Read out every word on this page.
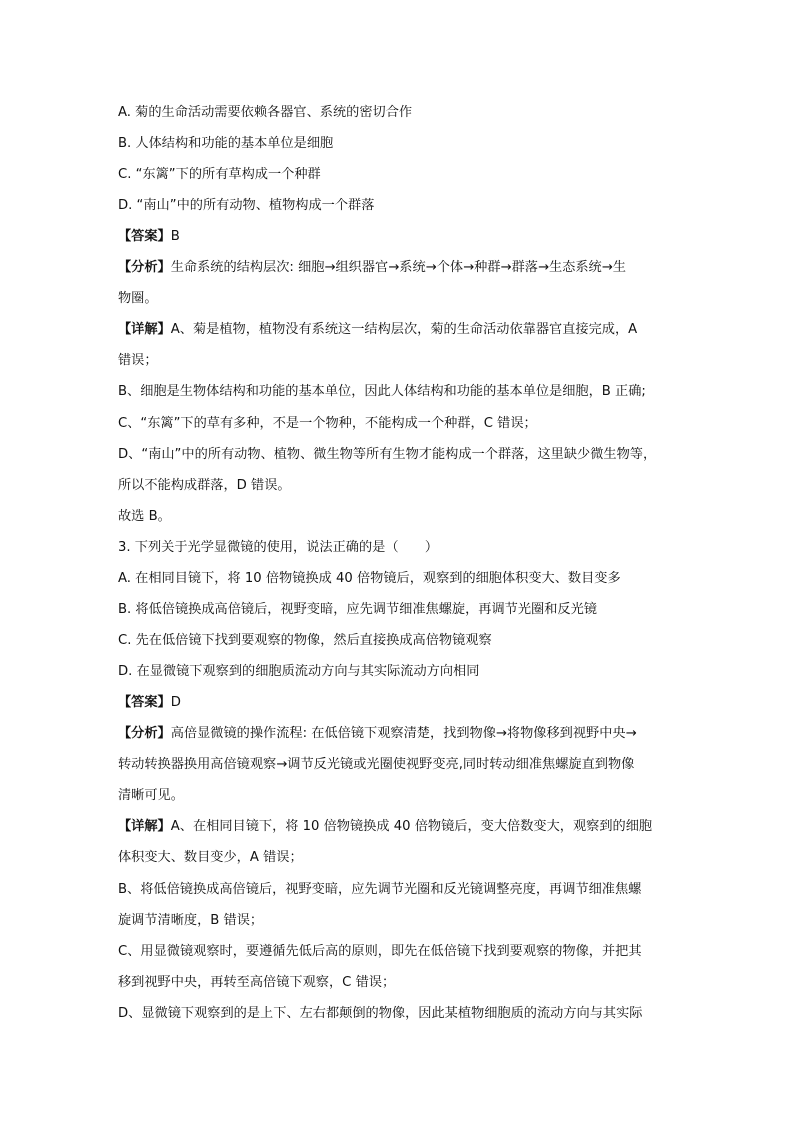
A. 菊的生命活动需要依赖各器官、系统的密切合作
B. 人体结构和功能的基本单位是细胞
C. “东篱”下的所有草构成一个种群
D. “南山”中的所有动物、植物构成一个群落
【答案】B
【分析】生命系统的结构层次: 细胞→组织器官→系统→个体→种群→群落→生态系统→生
物圈。
【详解】A、菊是植物，植物没有系统这一结构层次，菊的生命活动依靠器官直接完成，A
错误；
B、细胞是生物体结构和功能的基本单位，因此人体结构和功能的基本单位是细胞，B 正确;
C、“东篱”下的草有多种，不是一个物种，不能构成一个种群，C 错误；
D、“南山”中的所有动物、植物、微生物等所有生物才能构成一个群落，这里缺少微生物等，
所以不能构成群落，D 错误。
故选 B。
3. 下列关于光学显微镜的使用，说法正确的是（　　）
A. 在相同目镜下，将 10 倍物镜换成 40 倍物镜后，观察到的细胞体积变大、数目变多
B. 将低倍镜换成高倍镜后，视野变暗，应先调节细准焦螺旋，再调节光圈和反光镜
C. 先在低倍镜下找到要观察的物像，然后直接换成高倍物镜观察
D. 在显微镜下观察到的细胞质流动方向与其实际流动方向相同
【答案】D
【分析】高倍显微镜的操作流程: 在低倍镜下观察清楚，找到物像→将物像移到视野中央→
转动转换器换用高倍镜观察→调节反光镜或光圈使视野变亮,同时转动细准焦螺旋直到物像
清晰可见。
【详解】A、在相同目镜下，将 10 倍物镜换成 40 倍物镜后，变大倍数变大，观察到的细胞
体积变大、数目变少，A 错误；
B、将低倍镜换成高倍镜后，视野变暗，应先调节光圈和反光镜调整亮度，再调节细准焦螺
旋调节清晰度，B 错误；
C、用显微镜观察时，要遵循先低后高的原则，即先在低倍镜下找到要观察的物像，并把其
移到视野中央，再转至高倍镜下观察，C 错误；
D、显微镜下观察到的是上下、左右都颠倒的物像，因此某植物细胞质的流动方向与其实际
